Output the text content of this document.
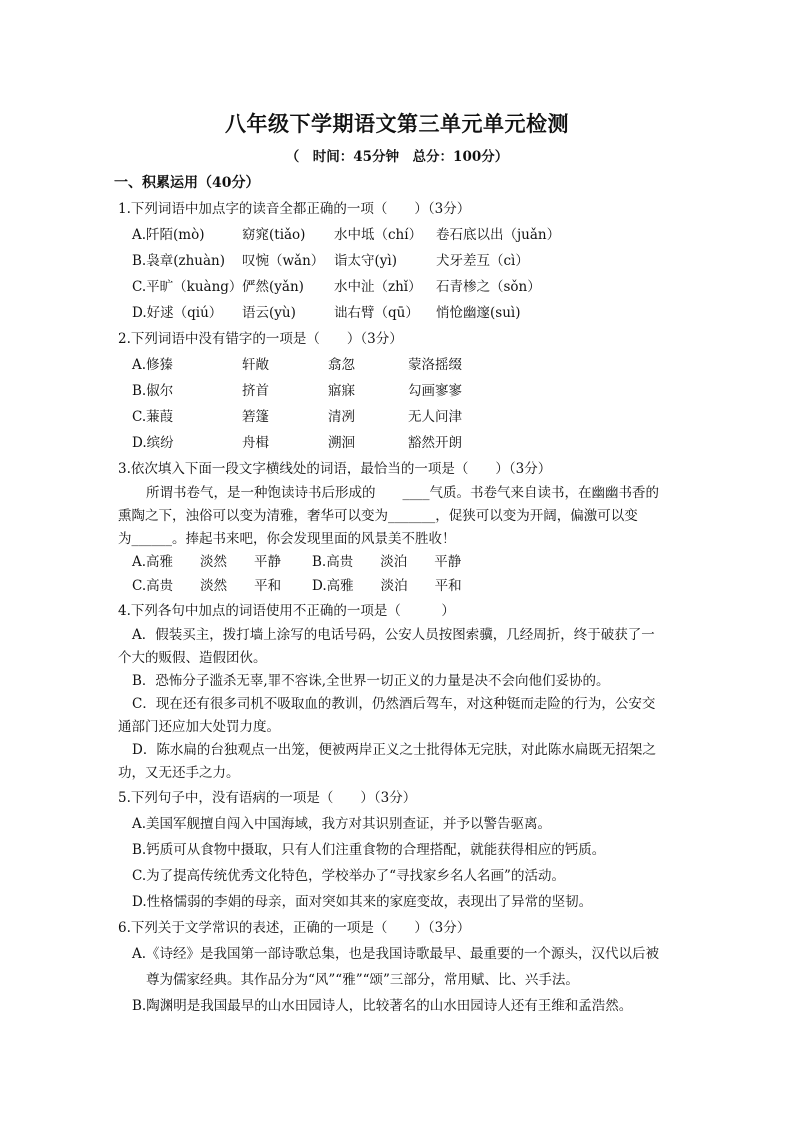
八年级下学期语文第三单元单元检测
（　时间：45分钟　总分：100分）
一、积累运用（40分）
1.下列词语中加点字的读音全都正确的一项（　　）（3分）
A.阡陌(mò)	窈窕(tiǎo) 水中坻（chí） 卷石底以出（juǎn）
B.袅章(zhuàn) 叹惋（wǎn） 诣太守(yì)	犬牙差互（cì）
C.平旷（kuàng）俨然(yǎn) 水中沚（zhǐ） 石青椮之（sǒn）
D.好逑（qiú） 语云(yù)	诎右臂（qū） 悄怆幽邃(suì)
2.下列词语中没有错字的一项是（　　）（3分）
A.修獉	轩敞	翕忽	蒙洛摇缀
B.俶尔	挤首	寤寐	勾画寥寥
C.蒹葭	箬篷	清冽	无人问津
D.缤纷	舟楫	溯洄	豁然开朗
3.依次填入下面一段文字横线处的词语，最恰当的一项是（　　）（3分）
所谓书卷气，是一种饱读诗书后形成的　　____气质。书卷气来自读书，在幽幽书香的
熏陶之下，浊俗可以变为清雅，奢华可以变为_______，促狭可以变为开阔，偏激可以变
为______。捧起书来吧，你会发现里面的风景美不胜收！
A.高雅　　淡然　　平静 B.高贵　　淡泊　　平静
C.高贵　　淡然　　平和 D.高雅　　淡泊　　平和
4.下列各句中加点的词语使用不正确的一项是（　　　）
A．假装买主，拨打墙上涂写的电话号码，公安人员按图索骥，几经周折，终于破获了一
个大的贩假、造假团伙。
B．恐怖分子滥杀无辜,罪不容诛,全世界一切正义的力量是决不会向他们妥协的。
C．现在还有很多司机不吸取血的教训，仍然酒后驾车，对这种铤而走险的行为，公安交
通部门还应加大处罚力度。
D．陈水扁的台独观点一出笼，便被两岸正义之士批得体无完肤，对此陈水扁既无招架之
功，又无还手之力。
5.下列句子中，没有语病的一项是（　　）（3分）
A.美国军舰擅自闯入中国海域，我方对其识别查证，并予以警告驱离。
B.钙质可从食物中摄取，只有人们注重食物的合理搭配，就能获得相应的钙质。
C.为了提高传统优秀文化特色，学校举办了“寻找家乡名人名画”的活动。
D.性格懦弱的李娟的母亲，面对突如其来的家庭变故，表现出了异常的坚韧。
6.下列关于文学常识的表述，正确的一项是（　　）（3分）
A.《诗经》是我国第一部诗歌总集，也是我国诗歌最早、最重要的一个源头，汉代以后被
尊为儒家经典。其作品分为“风”“雅”“颂”三部分，常用赋、比、兴手法。
B.陶渊明是我国最早的山水田园诗人，比较著名的山水田园诗人还有王维和孟浩然。
